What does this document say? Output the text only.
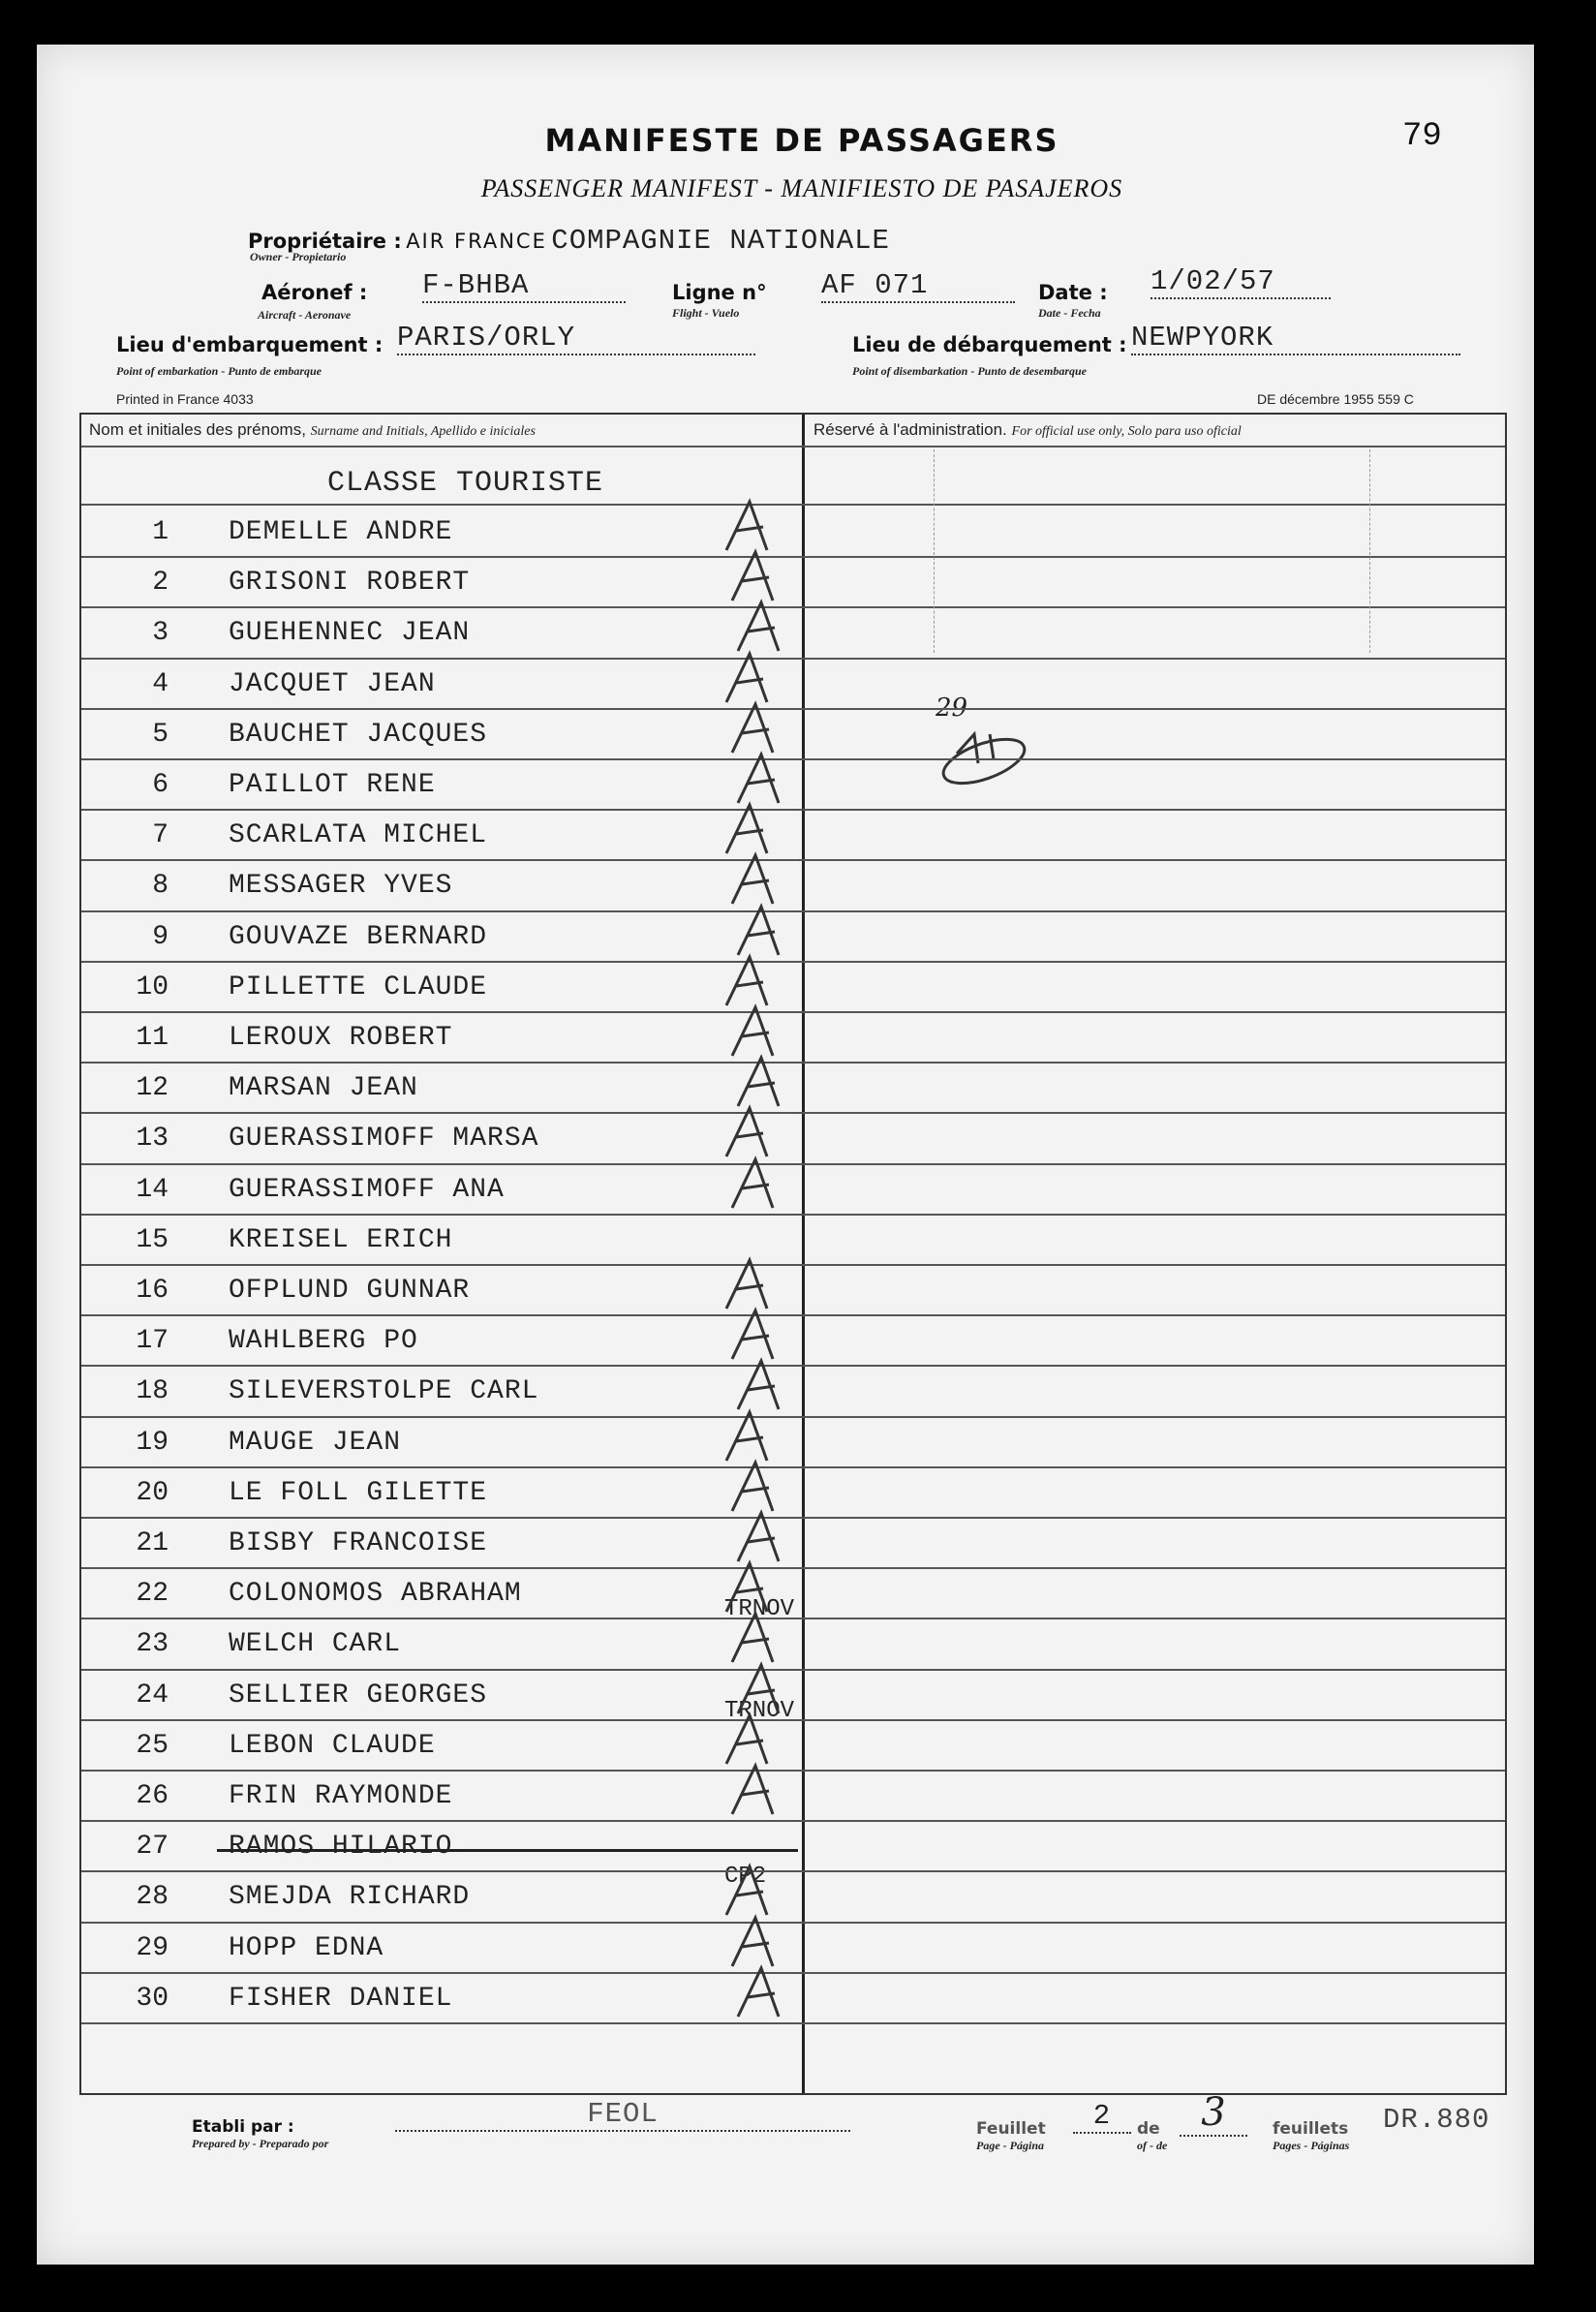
MANIFESTE DE PASSAGERS
PASSENGER MANIFEST - MANIFIESTO DE PASAJEROS
79
Propriétaire : AIR FRANCE COMPAGNIE NATIONALE
Owner - Propietario
Aéronef : F-BHBA
Aircraft - Aeronave
Ligne n° AF 071
Flight - Vuelo
Date : 1/02/57
Date - Fecha
Lieu d'embarquement : PARIS/ORLY
Point of embarkation - Punto de embarque
Lieu de débarquement : NEWPYORK
Point of disembarkation - Punto de desembarque
Printed in France 4033	DE décembre 1955 559 C
Nom et initiales des prénoms, Surname and Initials, Apellido e iniciales	Réservé à l'administration. For official use only, Solo para uso oficial
CLASSE TOURISTE
1 DEMELLE ANDRE
2 GRISONI ROBERT
3 GUEHENNEC JEAN
4 JACQUET JEAN
5 BAUCHET JACQUES
6 PAILLOT RENE
7 SCARLATA MICHEL
8 MESSAGER YVES
9 GOUVAZE BERNARD
10 PILLETTE CLAUDE
11 LEROUX ROBERT
12 MARSAN JEAN
13 GUERASSIMOFF MARSA
14 GUERASSIMOFF ANA
15 KREISEL ERICH
16 OFPLUND GUNNAR
17 WAHLBERG PO
18 SILEVERSTOLPE CARL
19 MAUGE JEAN
20 LE FOLL GILETTE
21 BISBY FRANCOISE
22 COLONOMOS ABRAHAM
23 WELCH CARL
24 SELLIER GEORGES
25 LEBON CLAUDE
26 FRIN RAYMONDE
27 RAMOS HILARIO
28 SMEJDA RICHARD
29 HOPP EDNA
30 FISHER DANIEL
TRNOV
TRNOV
CP2
29
Etabli par :
Prepared by - Preparado por
FEOL	Feuillet
Page - Página
2	de
of - de
3	feuillets
Pages - Páginas
DR.880
